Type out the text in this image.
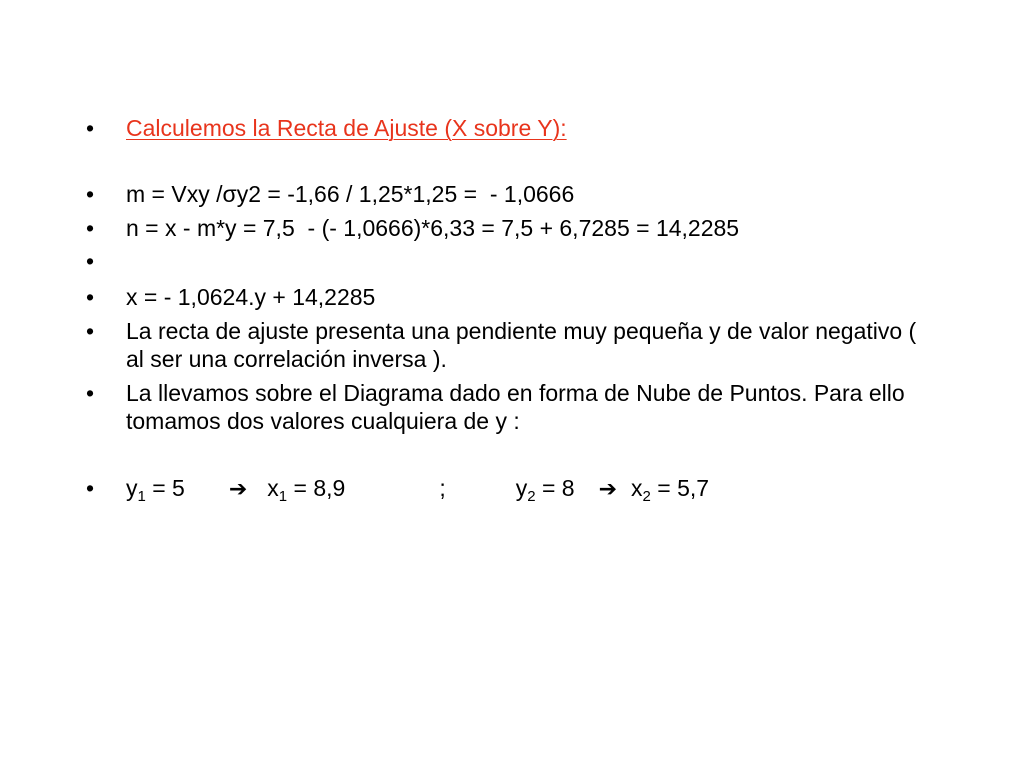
•

Calculemos la Recta de Ajuste (X sobre Y):

•

m = Vxy /σy2 = -1,66 / 1,25*1,25 =  - 1,0666

•

n = x - m*y = 7,5  - (- 1,0666)*6,33 = 7,5 + 6,7285 = 14,2285

•

•

x = - 1,0624.y + 14,2285

•

La recta de ajuste presenta una pendiente muy pequeña y de valor negativo ( al ser una correlación inversa ).

•

La llevamos sobre el Diagrama dado en forma de Nube de Puntos. Para ello tomamos dos valores cualquiera de y :

•

$y_1 = 5$ ➔ $x_1 = 8,9$	;	$y_2 = 8$ ➔ $x_2 = 5,7$
